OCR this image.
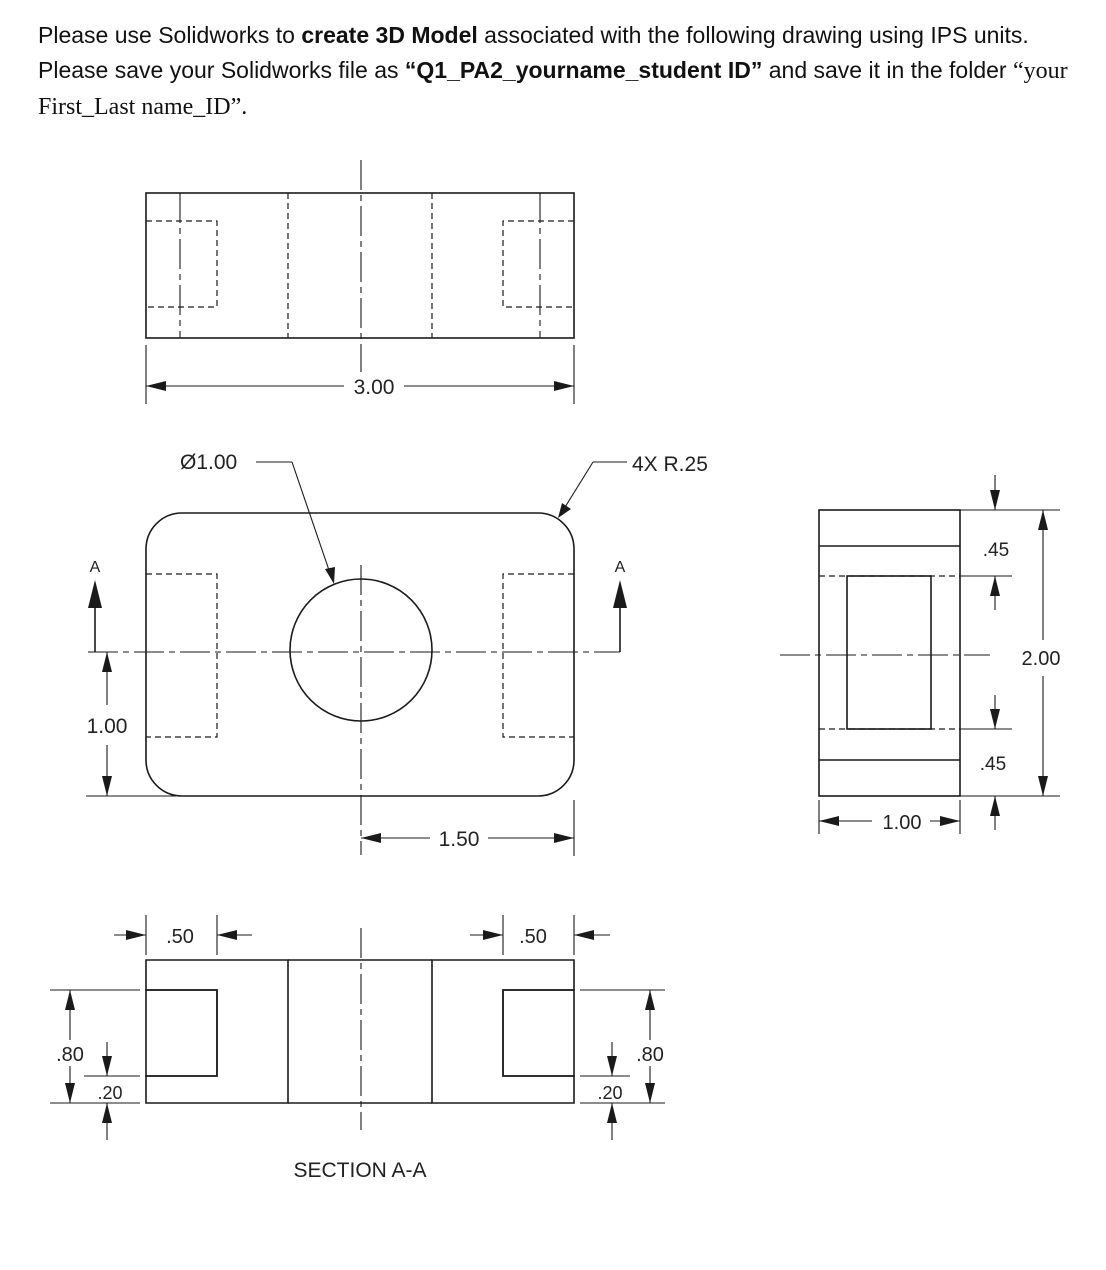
Please use Solidworks to create 3D Model associated with the following drawing using IPS units. Please save your Solidworks file as “Q1_PA2_yourname_student ID” and save it in the folder “your First_Last name_ID”.
3.00
Ø1.00	4X R.25
A	A
1.00
1.50
.45
.45
2.00
1.00
.50	.50
.80
.20
.80
.20
SECTION A-A
